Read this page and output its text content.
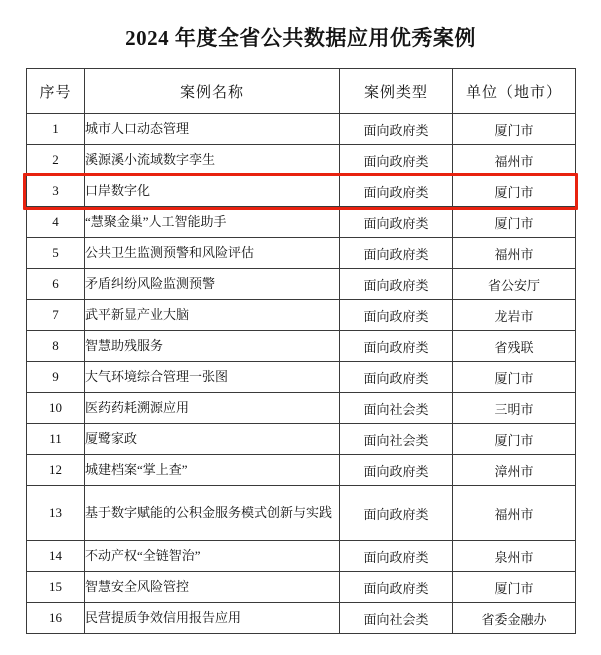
2024 年度全省公共数据应用优秀案例
序号	案例名称	案例类型	单位（地市）
1	城市人口动态管理	面向政府类	厦门市
2	溪源溪小流域数字孪生	面向政府类	福州市
3	口岸数字化	面向政府类	厦门市
4	“慧聚金巢”人工智能助手	面向政府类	厦门市
5	公共卫生监测预警和风险评估	面向政府类	福州市
6	矛盾纠纷风险监测预警	面向政府类	省公安厅
7	武平新显产业大脑	面向政府类	龙岩市
8	智慧助残服务	面向政府类	省残联
9	大气环境综合管理一张图	面向政府类	厦门市
10	医药药耗溯源应用	面向社会类	三明市
11	厦鹭家政	面向社会类	厦门市
12	城建档案“掌上查”	面向政府类	漳州市
13	基于数字赋能的公积金服务模式创新与实践	面向政府类	福州市
14	不动产权“全链智治”	面向政府类	泉州市
15	智慧安全风险管控	面向政府类	厦门市
16	民营提质争效信用报告应用	面向社会类	省委金融办
